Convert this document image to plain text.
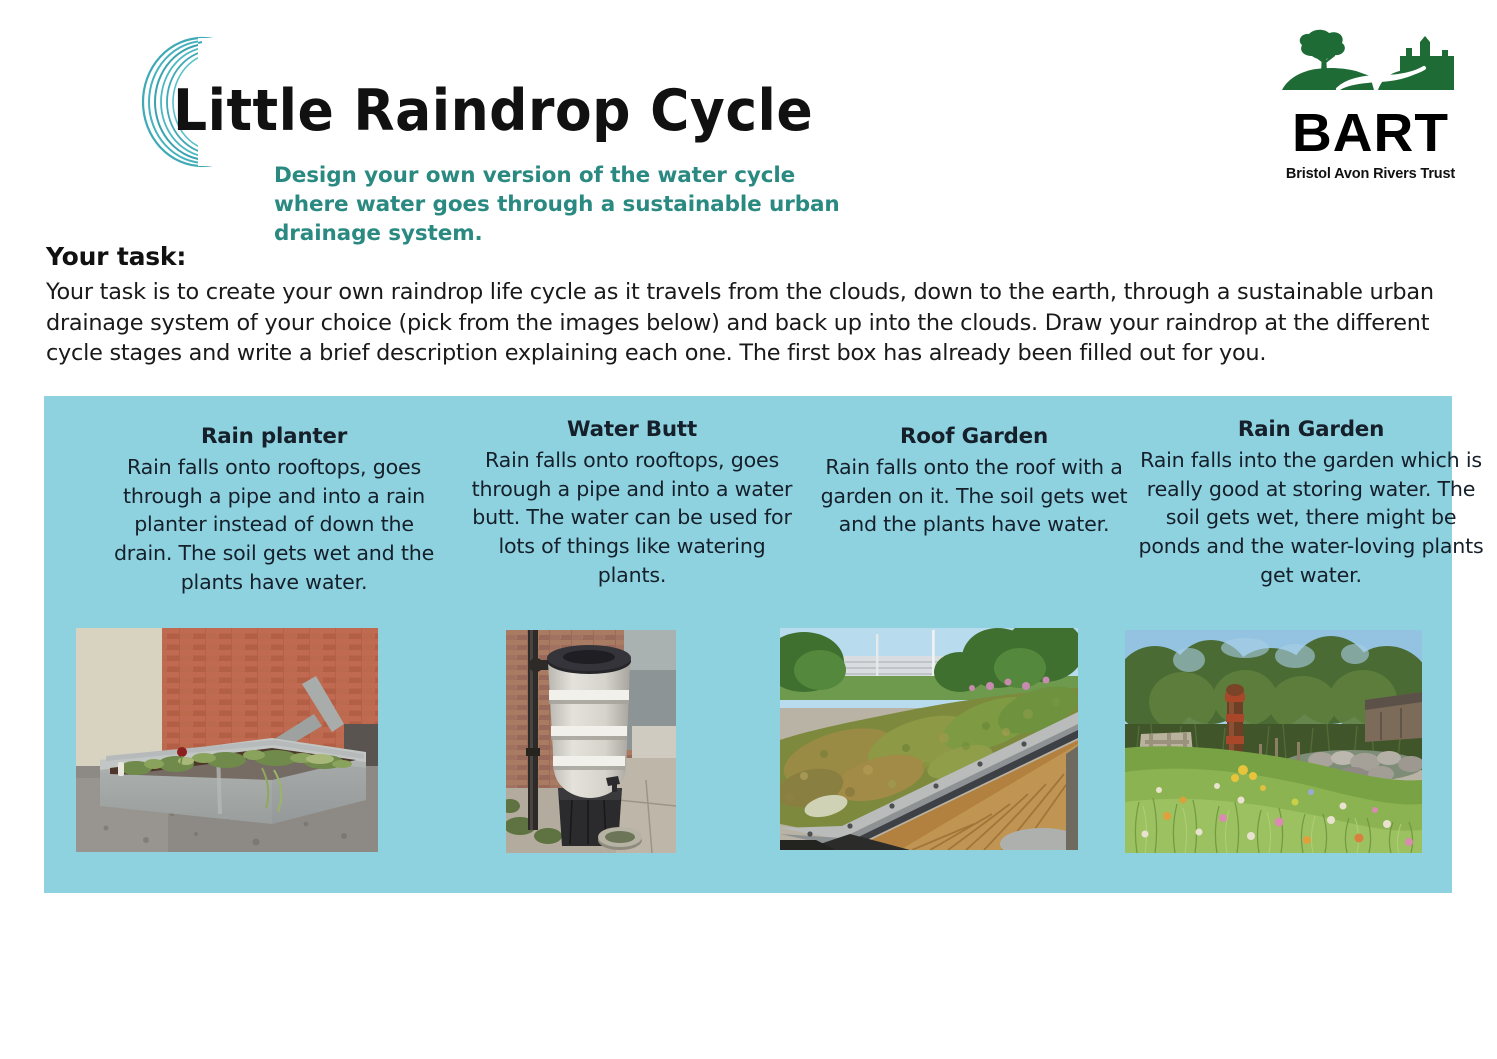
Little Raindrop Cycle
Design your own version of the water cycle where water goes through a sustainable urban drainage system.
BART
Bristol Avon Rivers Trust
Your task:
Your task is to create your own raindrop life cycle as it travels from the clouds, down to the earth, through a sustainable urban drainage system of your choice (pick from the images below) and back up into the clouds. Draw your raindrop at the different cycle stages and write a brief description explaining each one. The first box has already been filled out for you.
Rain planter
Rain falls onto rooftops, goes through a pipe and into a rain planter instead of down the drain. The soil gets wet and the plants have water.
Water Butt
Rain falls onto rooftops, goes through a pipe and into a water butt. The water can be used for lots of things like watering plants.
Roof Garden
Rain falls onto the roof with a garden on it. The soil gets wet and the plants have water.
Rain Garden
Rain falls into the garden which is really good at storing water. The soil gets wet, there might be ponds and the water-loving plants get water.
